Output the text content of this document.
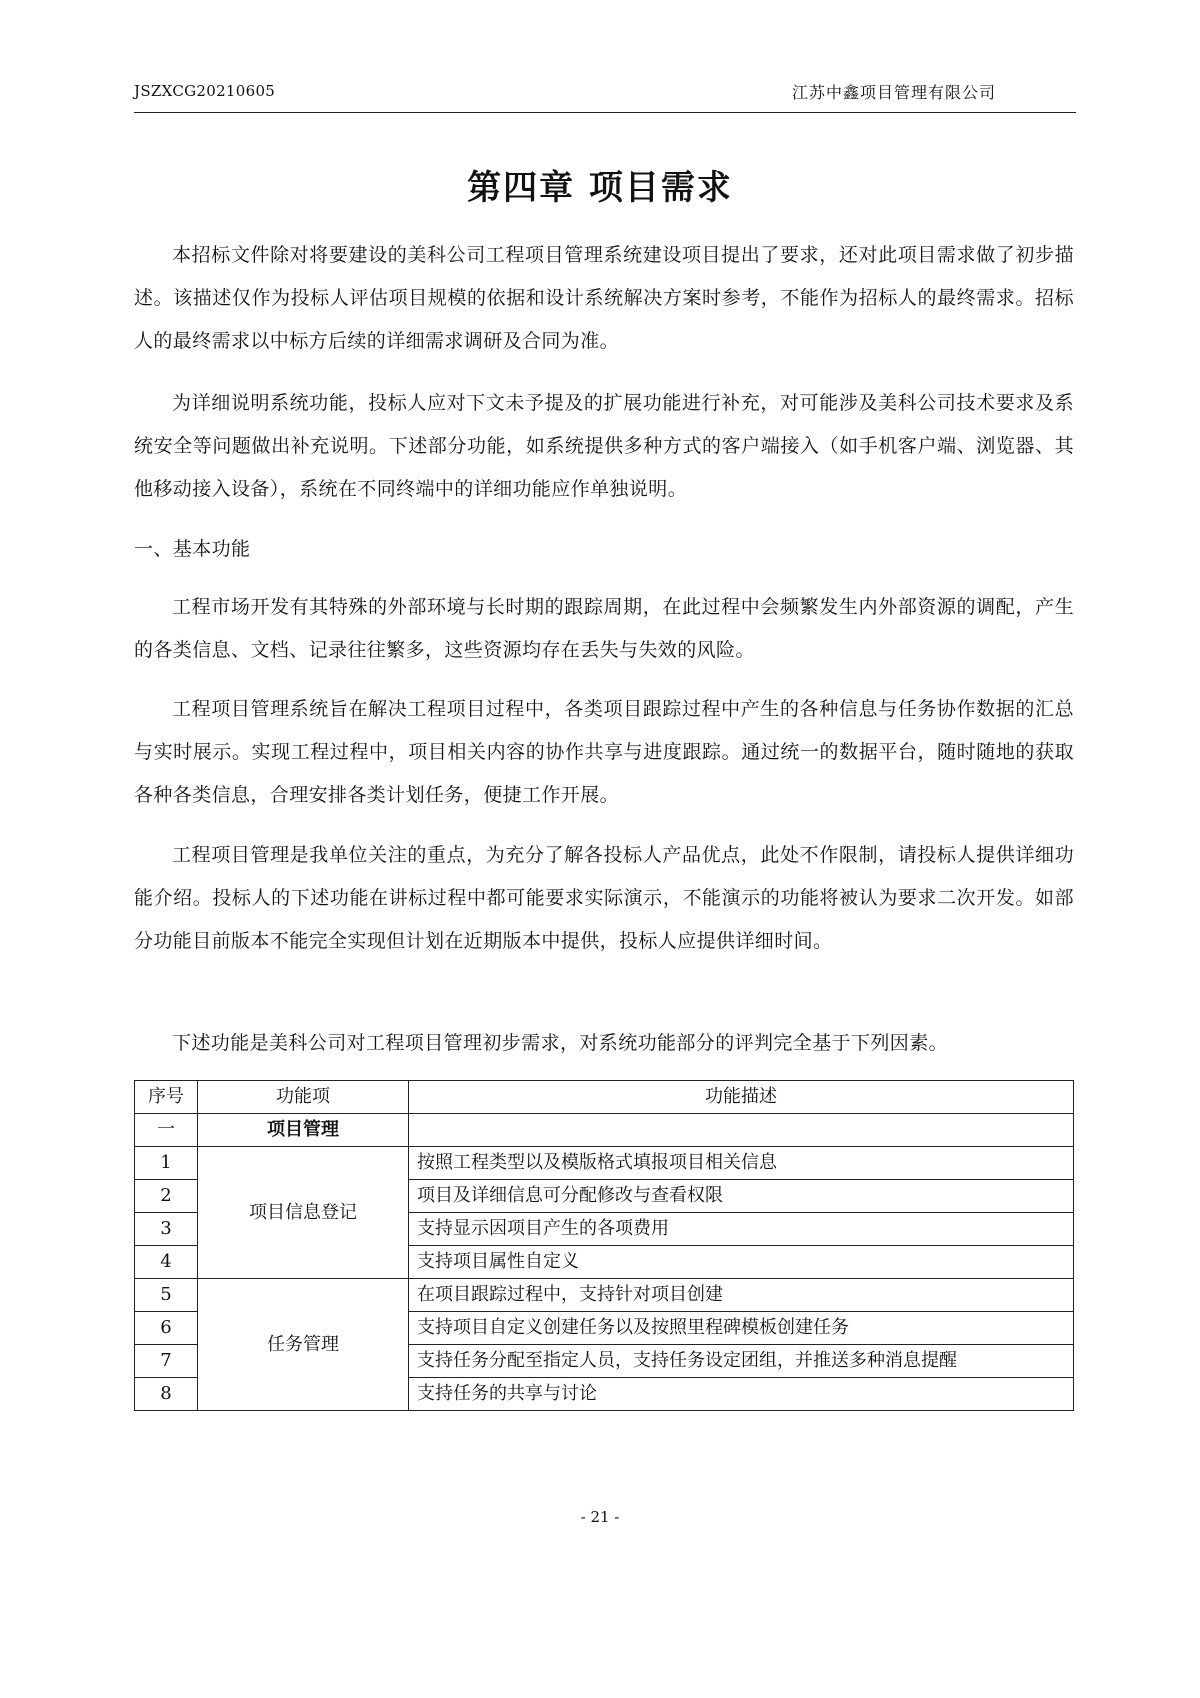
JSZXCG20210605	江苏中鑫项目管理有限公司
第四章 项目需求
本招标文件除对将要建设的美科公司工程项目管理系统建设项目提出了要求，还对此项目需求做了初步描述。该描述仅作为投标人评估项目规模的依据和设计系统解决方案时参考，不能作为招标人的最终需求。招标人的最终需求以中标方后续的详细需求调研及合同为准。
为详细说明系统功能，投标人应对下文未予提及的扩展功能进行补充，对可能涉及美科公司技术要求及系统安全等问题做出补充说明。下述部分功能，如系统提供多种方式的客户端接入（如手机客户端、浏览器、其他移动接入设备），系统在不同终端中的详细功能应作单独说明。
一、基本功能
工程市场开发有其特殊的外部环境与长时期的跟踪周期，在此过程中会频繁发生内外部资源的调配，产生的各类信息、文档、记录往往繁多，这些资源均存在丢失与失效的风险。
工程项目管理系统旨在解决工程项目过程中，各类项目跟踪过程中产生的各种信息与任务协作数据的汇总与实时展示。实现工程过程中，项目相关内容的协作共享与进度跟踪。通过统一的数据平台，随时随地的获取各种各类信息，合理安排各类计划任务，便捷工作开展。
工程项目管理是我单位关注的重点，为充分了解各投标人产品优点，此处不作限制，请投标人提供详细功能介绍。投标人的下述功能在讲标过程中都可能要求实际演示，不能演示的功能将被认为要求二次开发。如部分功能目前版本不能完全实现但计划在近期版本中提供，投标人应提供详细时间。
下述功能是美科公司对工程项目管理初步需求，对系统功能部分的评判完全基于下列因素。
序号	功能项	功能描述
一	项目管理	
1	项目信息登记	按照工程类型以及模版格式填报项目相关信息
2		项目及详细信息可分配修改与查看权限
3		支持显示因项目产生的各项费用
4		支持项目属性自定义
5	任务管理	在项目跟踪过程中，支持针对项目创建
6		支持项目自定义创建任务以及按照里程碑模板创建任务
7		支持任务分配至指定人员，支持任务设定团组，并推送多种消息提醒
8		支持任务的共享与讨论
- 21 -
